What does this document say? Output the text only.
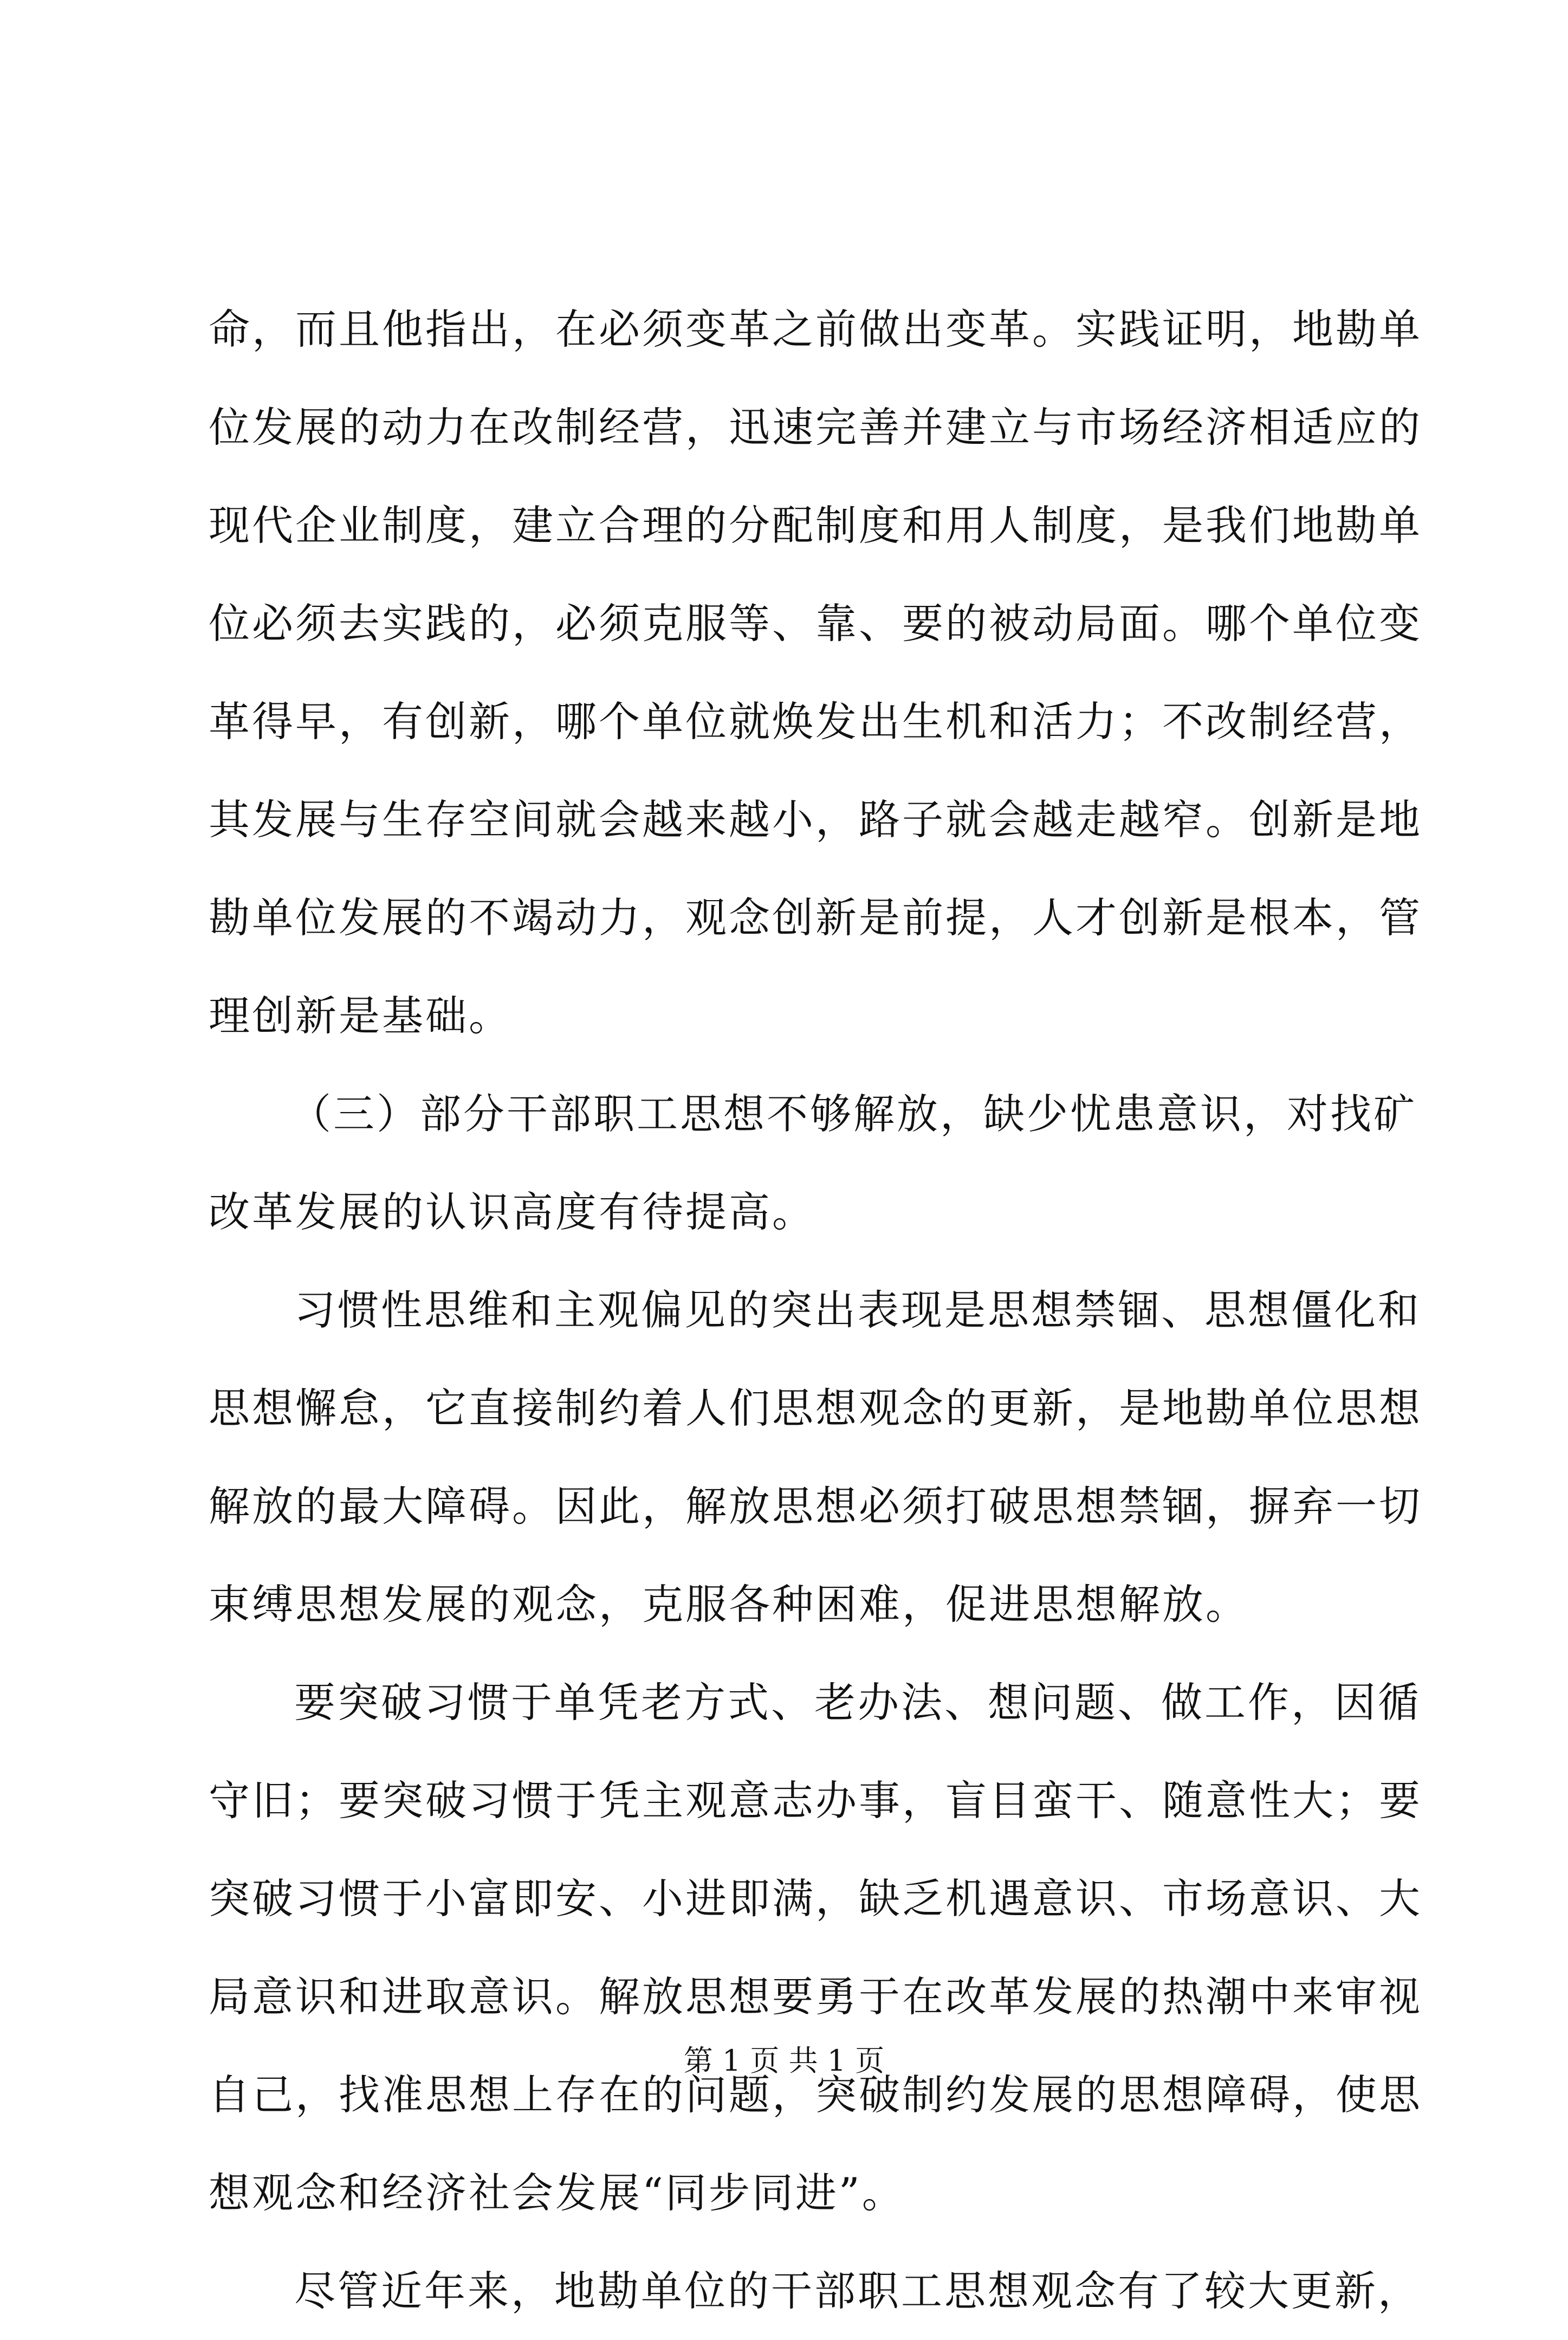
命，而且他指出，在必须变革之前做出变革。实践证明，地勘单
位发展的动力在改制经营，迅速完善并建立与市场经济相适应的
现代企业制度，建立合理的分配制度和用人制度，是我们地勘单
位必须去实践的，必须克服等、靠、要的被动局面。哪个单位变
革得早，有创新，哪个单位就焕发出生机和活力；不改制经营，
其发展与生存空间就会越来越小，路子就会越走越窄。创新是地
勘单位发展的不竭动力，观念创新是前提，人才创新是根本，管
理创新是基础。
（三）部分干部职工思想不够解放，缺少忧患意识，对找矿
改革发展的认识高度有待提高。
习惯性思维和主观偏见的突出表现是思想禁锢、思想僵化和
思想懈怠，它直接制约着人们思想观念的更新，是地勘单位思想
解放的最大障碍。因此，解放思想必须打破思想禁锢，摒弃一切
束缚思想发展的观念，克服各种困难，促进思想解放。
要突破习惯于单凭老方式、老办法、想问题、做工作，因循
守旧；要突破习惯于凭主观意志办事，盲目蛮干、随意性大；要
突破习惯于小富即安、小进即满，缺乏机遇意识、市场意识、大
局意识和进取意识。解放思想要勇于在改革发展的热潮中来审视
自己，找准思想上存在的问题，突破制约发展的思想障碍，使思
想观念和经济社会发展“同步同进”。
尽管近年来，地勘单位的干部职工思想观念有了较大更新，
第 1 页 共 1 页
